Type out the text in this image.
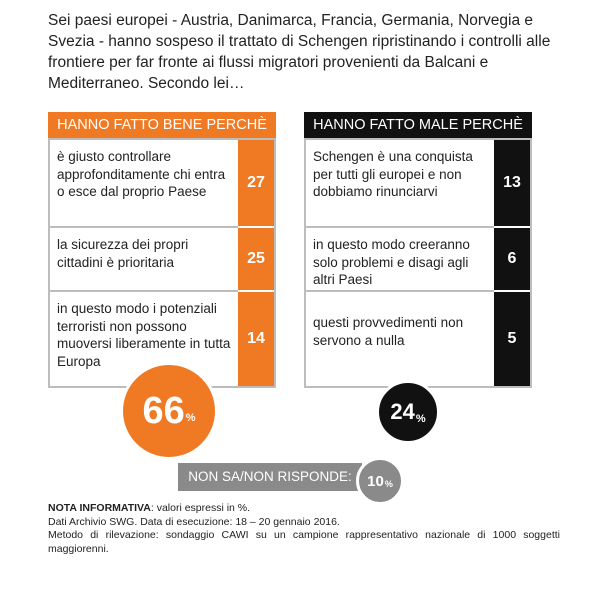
Sei paesi europei - Austria, Danimarca, Francia, Germania, Norvegia e Svezia - hanno sospeso il trattato di Schengen ripristinando i controlli alle frontiere per far fronte ai flussi migratori provenienti da Balcani e Mediterraneo. Secondo lei…
HANNO FATTO BENE PERCHÈ
è giusto controllare approfonditamente chi entra o esce dal proprio Paese
27
la sicurezza dei propri cittadini è prioritaria	25
in questo modo i potenziali terroristi non possono muoversi liberamente in tutta Europa
14
HANNO FATTO MALE PERCHÈ
Schengen è una conquista per tutti gli europei e non dobbiamo rinunciarvi
13
in questo modo creeranno solo problemi e disagi agli altri Paesi
6
questi provvedimenti non servono a nulla	5
66 %	24 %
NON SA/NON RISPONDE:	10 %

NOTA INFORMATIVA: valori espressi in %.

Dati Archivio SWG. Data di esecuzione: 18 – 20 gennaio 2016.

Metodo di rilevazione: sondaggio CAWI su un campione rappresentativo nazionale di 1000 soggetti maggiorenni.
